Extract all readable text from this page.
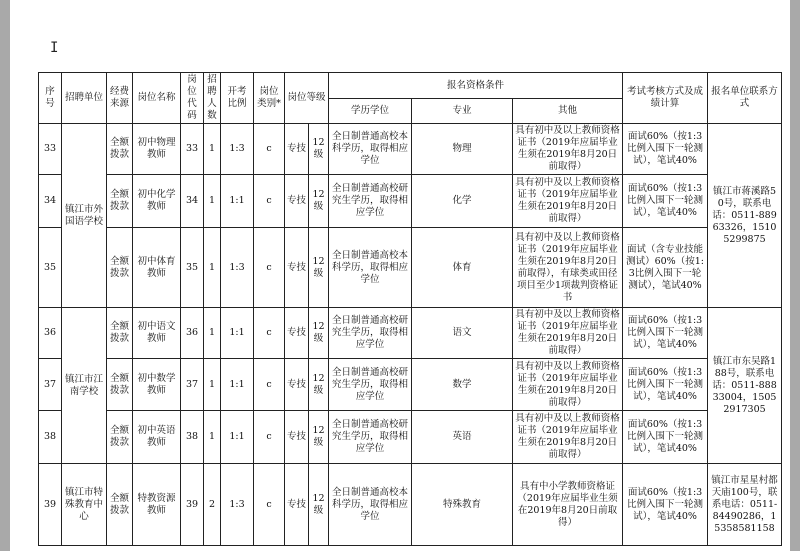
I
序号	招聘单位	经费来源	岗位名称	岗位代码	招聘人数	开考比例	岗位类别*	岗位等级		报名资格条件			考试考核方式及成绩计算	报名单位联系方式
										学历学位	专业	其他		
33	镇江市外国语学校	全额拨款	初中物理教师	33	1	1:3	c	专技	12级	全日制普通高校本科学历，取得相应学位	物理	具有初中及以上教师资格证书（2019年应届毕业生须在2019年8月20日前取得）	面试60%（按1:3比例入围下一轮测试），笔试40%	镇江市蒋溪路50号，联系电话：0511-88963326，15105299875
34		全额拨款	初中化学教师	34	1	1:1	c	专技	12级	全日制普通高校研究生学历，取得相应学位	化学	具有初中及以上教师资格证书（2019年应届毕业生须在2019年8月20日前取得）	面试60%（按1:3比例入围下一轮测试），笔试40%	
35		全额拨款	初中体育教师	35	1	1:3	c	专技	12级	全日制普通高校本科学历，取得相应学位	体育	具有初中及以上教师资格证书（2019年应届毕业生须在2019年8月20日前取得），有球类或田径项目至少1项裁判资格证书	面试（含专业技能测试）60%（按1:3比例入围下一轮测试），笔试40%	
36	镇江市江南学校	全额拨款	初中语文教师	36	1	1:1	c	专技	12级	全日制普通高校研究生学历，取得相应学位	语文	具有初中及以上教师资格证书（2019年应届毕业生须在2019年8月20日前取得）	面试60%（按1:3比例入围下一轮测试），笔试40%	镇江市东吴路188号，联系电话：0511-88833004，15052917305
37		全额拨款	初中数学教师	37	1	1:1	c	专技	12级	全日制普通高校研究生学历，取得相应学位	数学	具有初中及以上教师资格证书（2019年应届毕业生须在2019年8月20日前取得）	面试60%（按1:3比例入围下一轮测试），笔试40%	
38		全额拨款	初中英语教师	38	1	1:1	c	专技	12级	全日制普通高校研究生学历，取得相应学位	英语	具有初中及以上教师资格证书（2019年应届毕业生须在2019年8月20日前取得）	面试60%（按1:3比例入围下一轮测试），笔试40%	
39	镇江市特殊教育中心	全额拨款	特教资源教师	39	2	1:3	c	专技	12级	全日制普通高校本科学历，取得相应学位	特殊教育	具有中小学教师资格证（2019年应届毕业生须在2019年8月20日前取得）	面试60%（按1:3比例入围下一轮测试），笔试40%	镇江市星星村都天庙100号，联系电话：0511-84490286，15358581158
